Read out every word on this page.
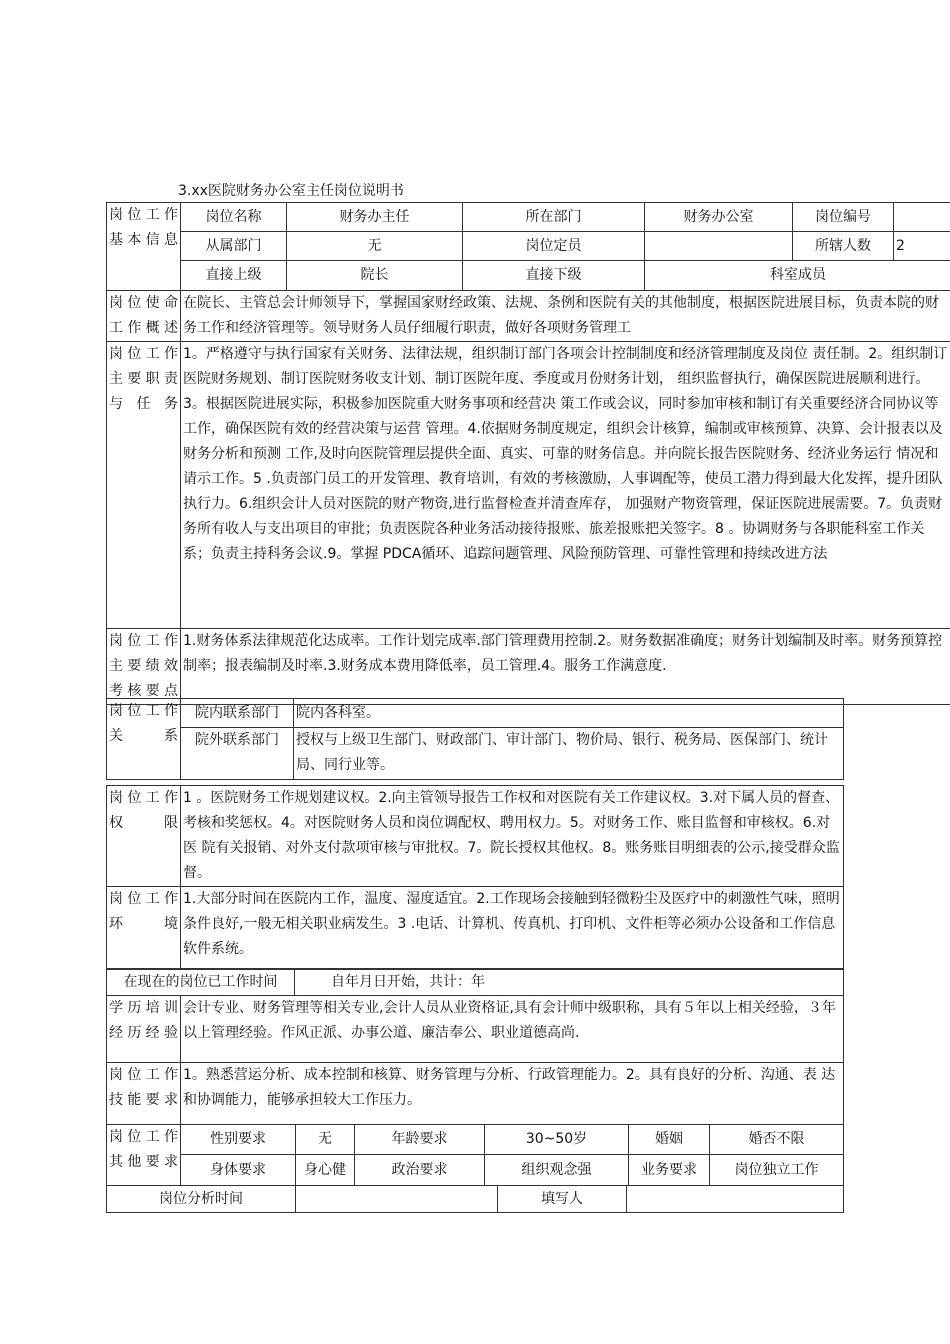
3.xx医院财务办公室主任岗位说明书
岗位工作基本信息	岗位名称	财务办主任	所在部门	财务办公室	岗位编号	
	从属部门	无	岗位定员		所辖人数	2
	直接上级	院长	直接下级	科室成员		
岗位使命工作概述	在院长、主管总会计师领导下，掌握国家财经政策、法规、条例和医院有关的其他制度，根据医院进展目标，负责本院的财务工作和经济管理等。领导财务人员仔细履行职责，做好各项财务管理工					

岗位工作主要职责与任务	1。严格遵守与执行国家有关财务、法律法规，组织制订部门各项会计控制制度和经济管理制度及岗位 责任制。2。组织制订医院财务规划、制订医院财务收支计划、制订医院年度、季度或月份财务计划， 组织监督执行，确保医院进展顺利进行。3。根据医院进展实际，积极参加医院重大财务事项和经营决 策工作或会议，同时参加审核和制订有关重要经济合同协议等工作，确保医院有效的经营决策与运营 管理。4.依据财务制度规定，组织会计核算，编制或审核预算、决算、会计报表以及财务分析和预测 工作,及时向医院管理层提供全面、真实、可靠的财务信息。并向院长报告医院财务、经济业务运行 情况和请示工作。5 .负责部门员工的开发管理、教育培训，有效的考核激励，人事调配等，使员工潜力得到最大化发挥，提升团队执行力。6.组织会计人员对医院的财产物资,进行监督检查并清查库存， 加强财产物资管理，保证医院进展需要。7。负责财务所有收人与支出项目的审批；负责医院各种业务活动接待报账、旅差报账把关签字。8 。协调财务与各职能科室工作关系；负责主持科务会议.9。掌握 PDCA循环、追踪问题管理、风险预防管理、可靠性管理和持续改进方法					

岗位工作主要绩效考核要点	1.财务体系法律规范化达成率。工作计划完成率.部门管理费用控制.2。财务数据准确度；财务计划编制及时率。财务预算控制率；报表编制及时率.3.财务成本费用降低率，员工管理.4。服务工作满意度.					
岗位工作关系	院内联系部门	院内各科室。
	院外联系部门	授权与上级卫生部门、财政部门、审计部门、物价局、银行、税务局、医保部门、统计局、同行业等。
岗位工作权限	1 。医院财务工作规划建议权。2.向主管领导报告工作权和对医院有关工作建议权。3.对下属人员的督查、 考核和奖惩权。4。对医院财务人员和岗位调配权、聘用权力。5。对财务工作、账目监督和审核权。6.对医 院有关报销、对外支付款项审核与审批权。7。院长授权其他权。8。账务账目明细表的公示,接受群众监督。
岗位工作环境	1.大部分时间在医院内工作，温度、湿度适宜。2.工作现场会接触到轻微粉尘及医疗中的刺激性气味，照明条件良好,一般无相关职业病发生。3 .电话、计算机、传真机、打印机、文件柜等必须办公设备和工作信息软件系统。
在现在的岗位已工作时间	自年月日开始，共计：年
学历培训经历经验	会计专业、财务管理等相关专业,会计人员从业资格证,具有会计师中级职称，具有５年以上相关经验，３年以上管理经验。作风正派、办事公道、廉洁奉公、职业道德高尚.
岗位工作技能要求	1。熟悉营运分析、成本控制和核算、财务管理与分析、行政管理能力。2。具有良好的分析、沟通、表 达和协调能力，能够承担较大工作压力。
岗位工作其他要求	性别要求	无	年龄要求	30~50岁	婚姻	婚否不限
	身体要求	身心健	政治要求	组织观念强	业务要求	岗位独立工作
岗位分析时间		填写人	
